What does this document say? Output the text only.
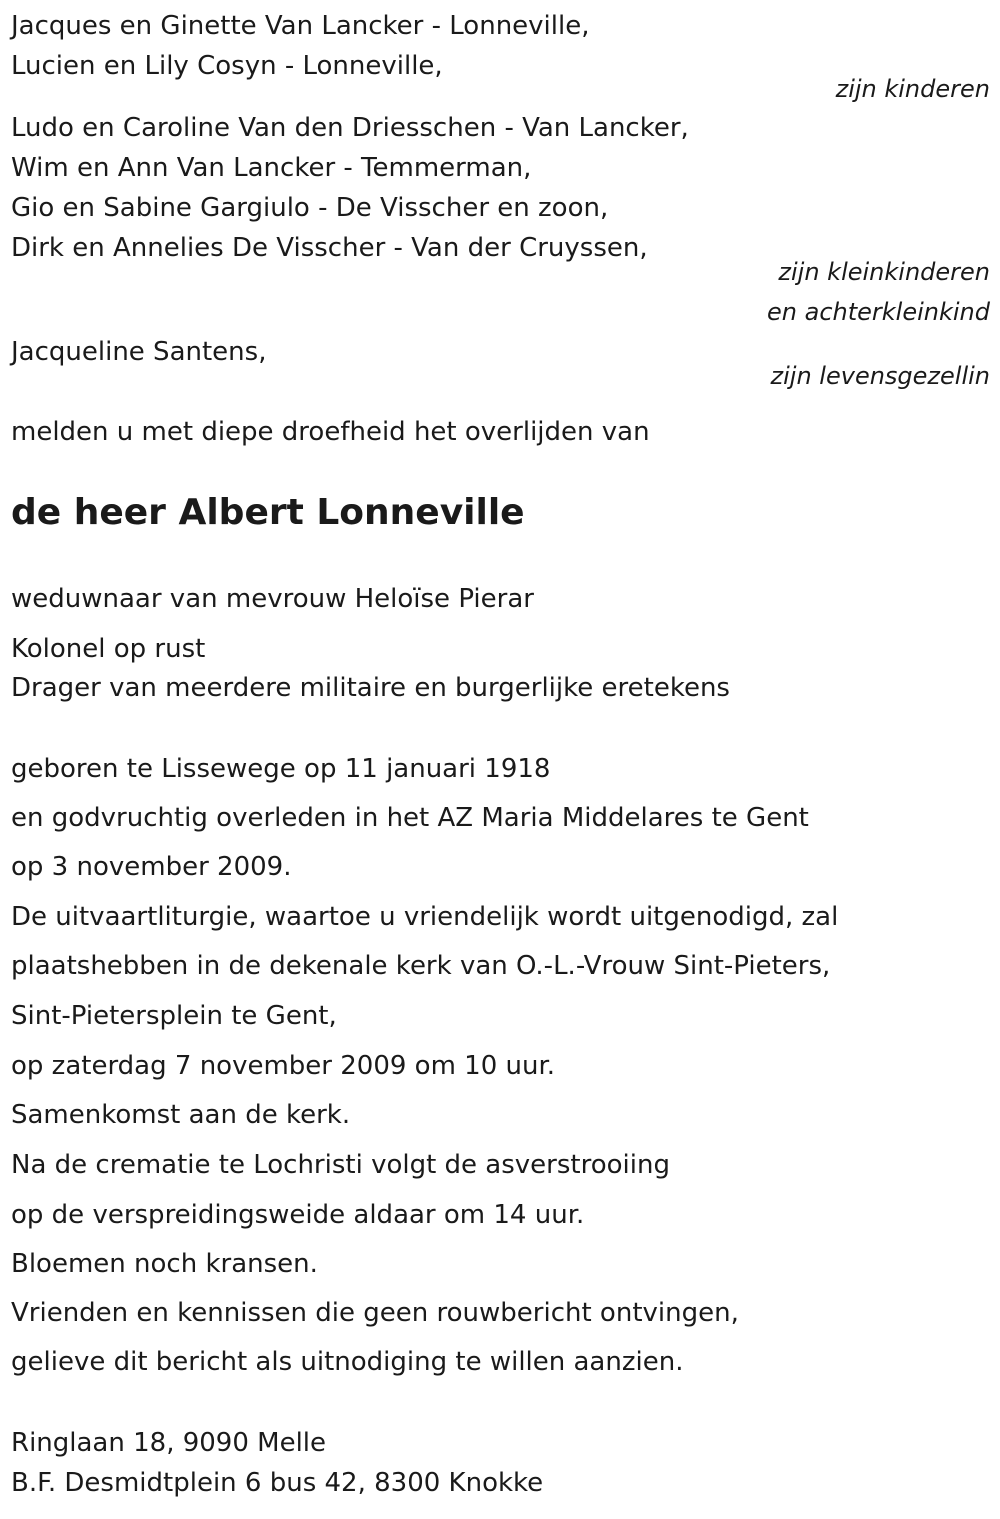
Jacques en Ginette Van Lancker - Lonneville,

Lucien en Lily Cosyn - Lonneville,

zijn kinderen

Ludo en Caroline Van den Driesschen - Van Lancker,

Wim en Ann Van Lancker - Temmerman,

Gio en Sabine Gargiulo - De Visscher en zoon,

Dirk en Annelies De Visscher - Van der Cruyssen,

zijn kleinkinderen

en achterkleinkind

Jacqueline Santens,

zijn levensgezellin

melden u met diepe droefheid het overlijden van

de heer Albert Lonneville

weduwnaar van mevrouw Heloïse Pierar

Kolonel op rust

Drager van meerdere militaire en burgerlijke eretekens

geboren te Lissewege op 11 januari 1918

en godvruchtig overleden in het AZ Maria Middelares te Gent

op 3 november 2009.

De uitvaartliturgie, waartoe u vriendelijk wordt uitgenodigd, zal

plaatshebben in de dekenale kerk van O.-L.-Vrouw Sint-Pieters,

Sint-Pietersplein te Gent,

op zaterdag 7 november 2009 om 10 uur.

Samenkomst aan de kerk.

Na de crematie te Lochristi volgt de asverstrooiing

op de verspreidingsweide aldaar om 14 uur.

Bloemen noch kransen.

Vrienden en kennissen die geen rouwbericht ontvingen,

gelieve dit bericht als uitnodiging te willen aanzien.

Ringlaan 18, 9090 Melle

B.F. Desmidtplein 6 bus 42, 8300 Knokke
